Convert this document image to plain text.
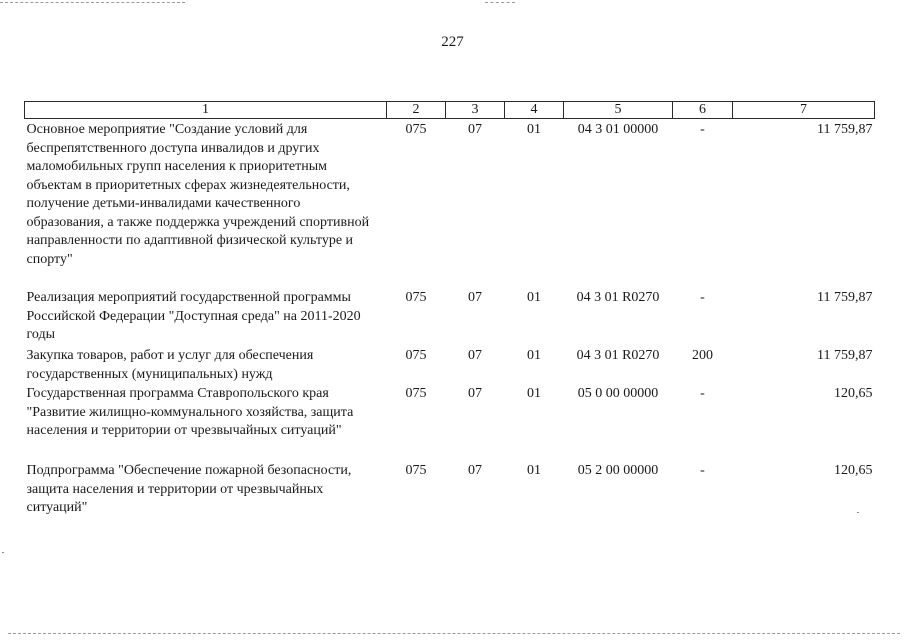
227
1	2	3	4	5	6	7
Основное мероприятие "Создание условий для беспрепятственного доступа инвалидов и других маломобильных групп населения к приоритетным объектам в приоритетных сферах жизнедеятельности, получение детьми-инвалидами качественного образования, а также поддержка учреждений спортивной направленности по адаптивной физической культуре и спорту"	075	07	01	04 3 01 00000	-	11 759,87
Реализация мероприятий государственной программы Российской Федерации "Доступная среда" на 2011-2020 годы	075	07	01	04 3 01 R0270	-	11 759,87
Закупка товаров, работ и услуг для обеспечения государственных (муниципальных) нужд	075	07	01	04 3 01 R0270	200	11 759,87
Государственная программа Ставропольского края "Развитие жилищно-коммунального хозяйства, защита населения и территории от чрезвычайных ситуаций"	075	07	01	05 0 00 00000	-	120,65
Подпрограмма "Обеспечение пожарной безопасности, защита населения и территории от чрезвычайных ситуаций"	075	07	01	05 2 00 00000	-	120,65
